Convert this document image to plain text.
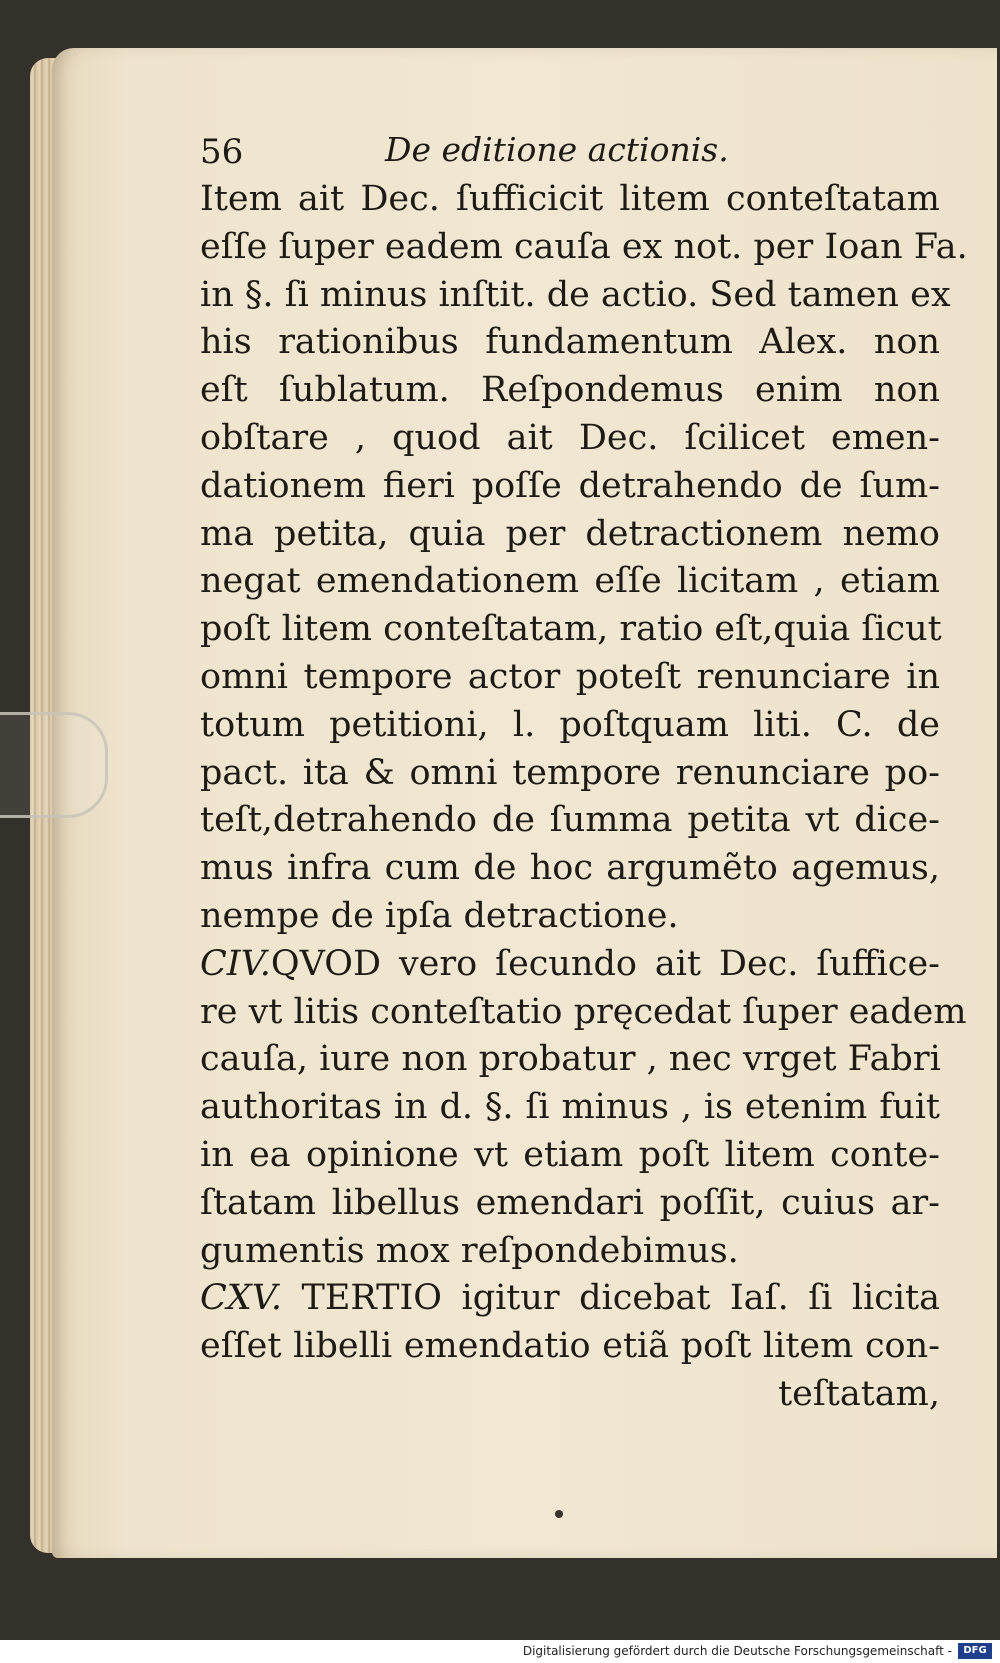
56	De editione actionis.
Item ait Dec. ſufficicit litem conteſtatam
eſſe ſuper eadem cauſa ex not. per Ioan Fa.
in §. ſi minus inſtit. de actio. Sed tamen ex
his rationibus fundamentum Alex. non
eſt ſublatum. Reſpondemus enim non
obſtare , quod ait Dec. ſcilicet emen-
dationem fieri poſſe detrahendo de ſum-
ma petita, quia per detractionem nemo
negat emendationem eſſe licitam , etiam
poſt litem conteſtatam, ratio eſt,quia ſicut
omni tempore actor poteſt renunciare in
totum petitioni, l. poſtquam liti. C. de
pact. ita & omni tempore renunciare po-
teſt,detrahendo de ſumma petita vt dice-
mus infra cum de hoc argumẽto agemus,
nempe de ipſa detractione.
CIV.QVOD vero ſecundo ait Dec. ſuffice-
re vt litis conteſtatio pręcedat ſuper eadem
cauſa, iure non probatur , nec vrget Fabri
authoritas in d. §. ſi minus , is etenim fuit
in ea opinione vt etiam poſt litem conte-
ſtatam libellus emendari poſſit, cuius ar-
gumentis mox reſpondebimus.
CXV. TERTIO igitur dicebat Iaſ. ſi licita
eſſet libelli emendatio etiã poſt litem con-
teſtatam,
Digitalisierung gefördert durch die Deutsche Forschungsgemeinschaft -	DFG
